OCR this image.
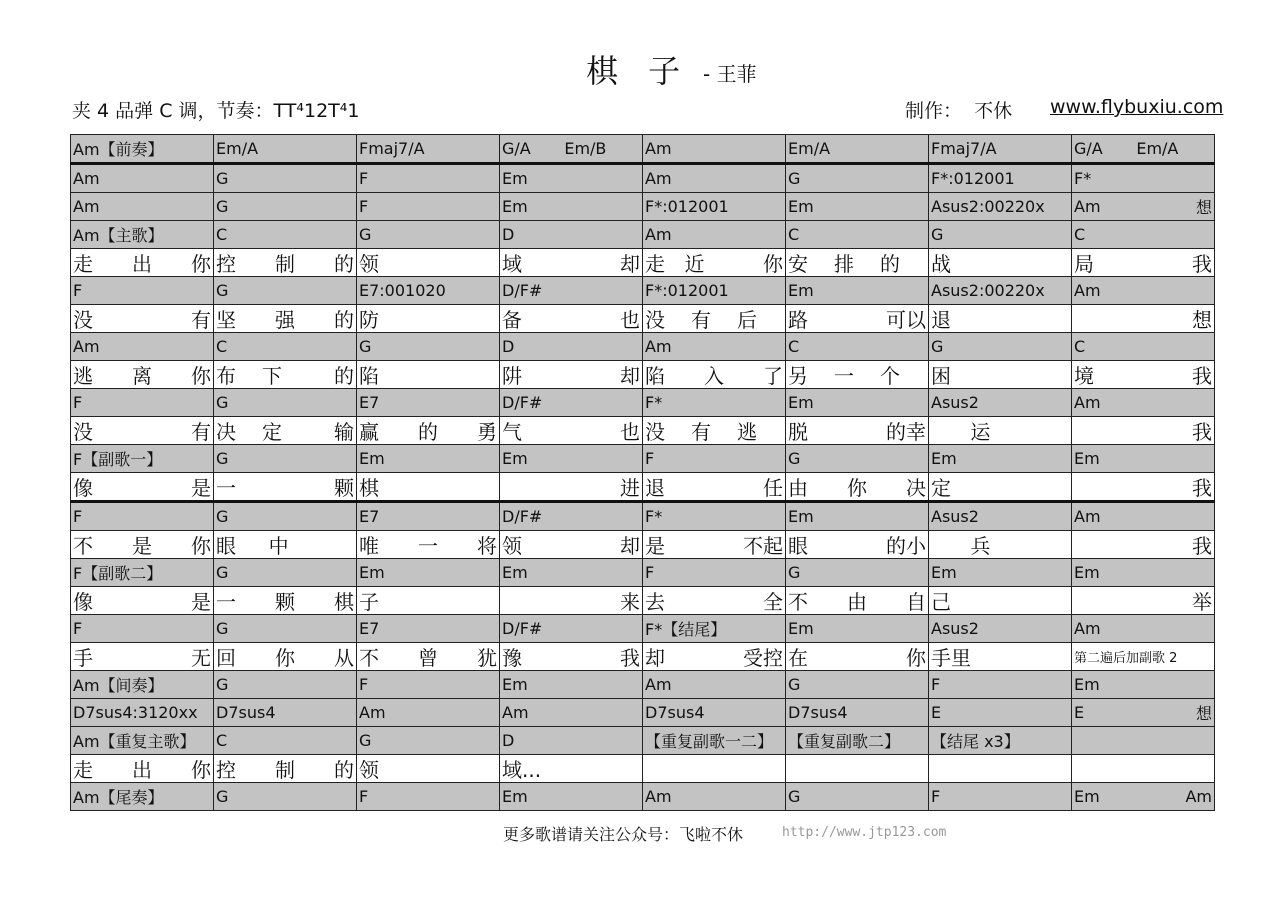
棋 子 - 王菲
夹 4 品弹 C 调，节奏：TT⁴12T⁴1	制作：  不休 www.flybuxiu.com
Am【前奏】	Em/A	Fmaj7/A	G/A Em/B	Am	Em/A	Fmaj7/A	G/A Em/A

Am	G	F	Em	Am	G	F*:012001	F*

Am	G	F	Em	F*:012001	Em	Asus2:00220x	Am 想

Am【主歌】	C	G	D	Am	C	G	C

走 出 你	控 制 的	领	域 却	走 近 你	安 排 的	战	局 我

F	G	E7:001020	D/F#	F*:012001	Em	Asus2:00220x	Am

没 有	坚 强 的	防	备 也	没 有 后	路 可以	退	想

Am	C	G	D	Am	C	G	C

逃 离 你	布 下 的	陷	阱 却	陷 入 了	另 一 个	困	境 我

F	G	E7	D/F#	F*	Em	Asus2	Am

没 有	决 定 输	赢 的 勇	气 也	没 有 逃	脱 的幸	运	我

F【副歌一】	G	Em	Em	F	G	Em	Em

像 是	一 颗	棋	进	退 任	由 你 决	定	我

F	G	E7	D/F#	F*	Em	Asus2	Am

不 是 你	眼 中	唯 一 将	领 却	是 不起	眼 的小	兵	我

F【副歌二】	G	Em	Em	F	G	Em	Em

像 是	一 颗 棋	子	来	去 全	不 由 自	己	举

F	G	E7	D/F#	F*【结尾】	Em	Asus2	Am

手 无	回 你 从	不 曾 犹	豫 我	却 受控	在 你	手里	第二遍后加副歌 2

Am【间奏】	G	F	Em	Am	G	F	Em

D7sus4:3120xx	D7sus4	Am	Am	D7sus4	D7sus4	E	E 想

Am【重复主歌】	C	G	D	【重复副歌一二】	【重复副歌二】	【结尾 x3】	

走 出 你	控 制 的	领	域...				

Am【尾奏】	G	F	Em	Am	G	F	Em Am
更多歌谱请关注公众号：飞啦不休	http://www.jtp123.com
